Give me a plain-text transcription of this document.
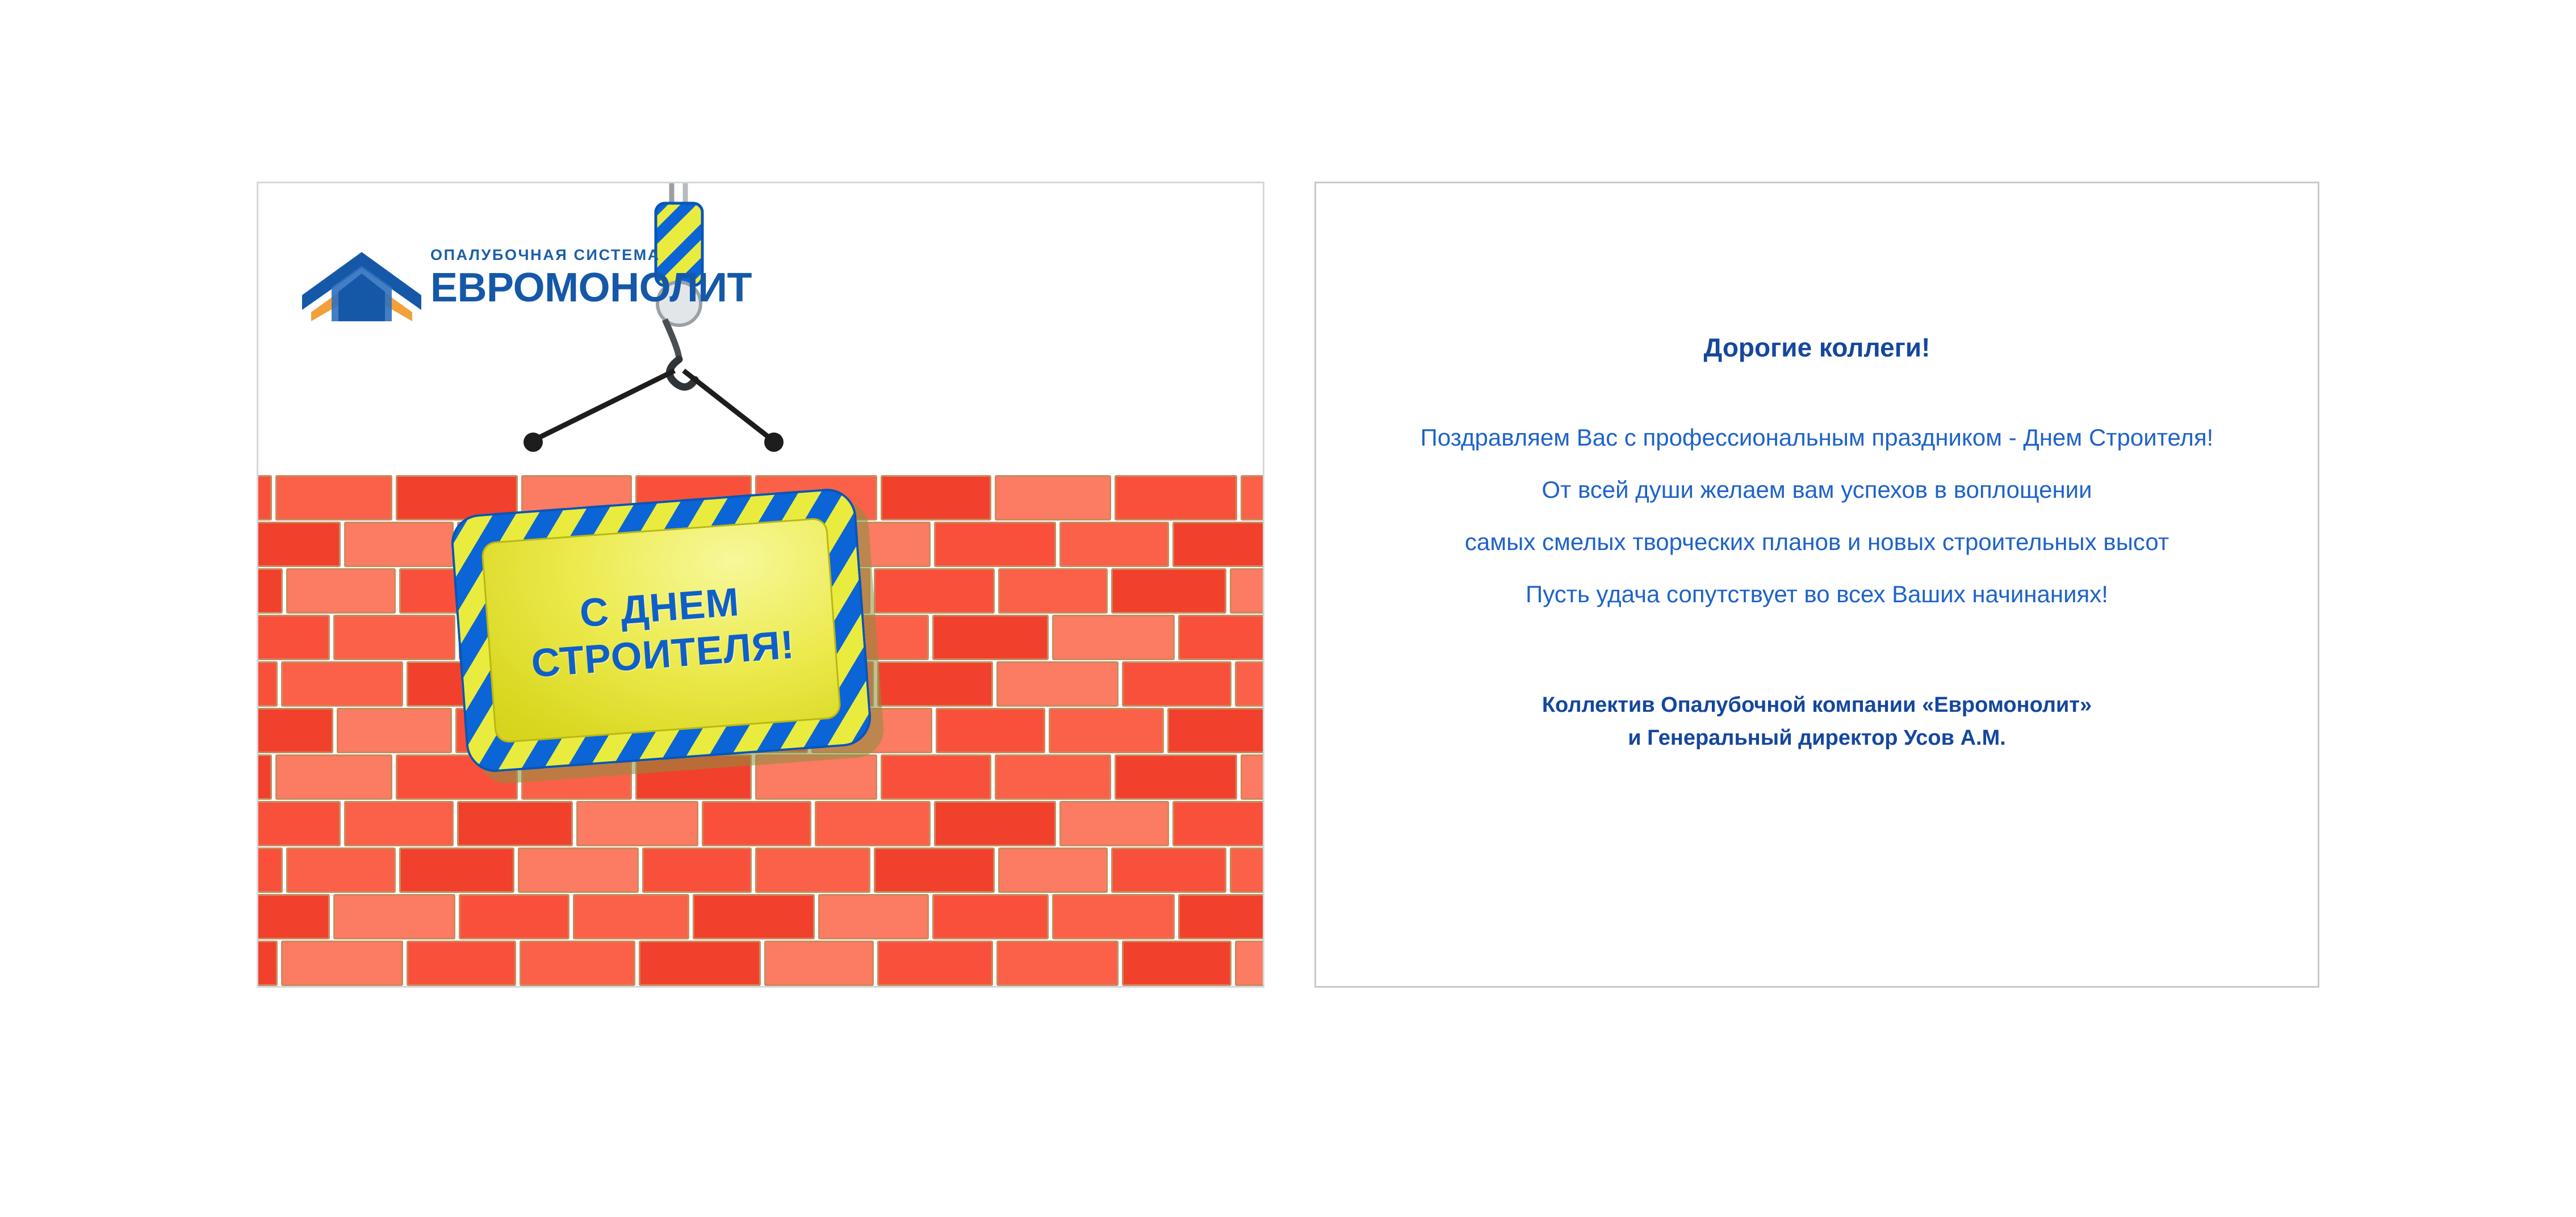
ОПАЛУБОЧНАЯ СИСТЕМА
ЕВРОМОНОЛИТ
С ДНЕМ
СТРОИТЕЛЯ!
Дорогие коллеги!
Поздравляем Вас с профессиональным праздником - Днем Строителя!
От всей души желаем вам успехов в воплощении
самых смелых творческих планов и новых строительных высот
Пусть удача сопутствует во всех Ваших начинаниях!
Коллектив Опалубочной компании «Евромонолит»
и Генеральный директор Усов А.М.
